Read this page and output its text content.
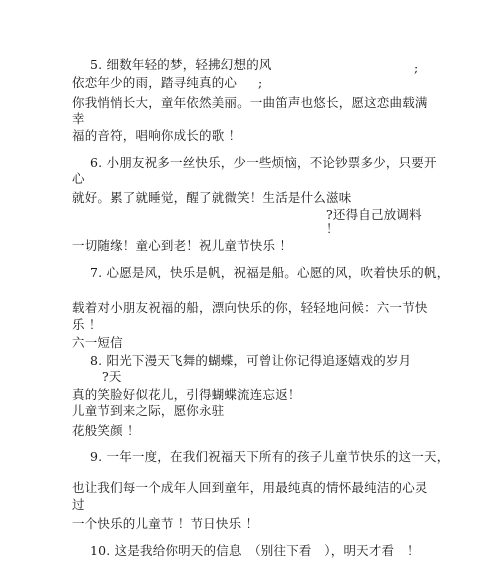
5. 细数年轻的梦，轻拂幻想的风	;
依恋年少的雨，踏寻纯真的心 ;
你我悄悄长大，童年依然美丽。一曲笛声也悠长，愿这恋曲载满
幸
福的音符，唱响你成长的歌 ！
6. 小朋友祝多一丝快乐，少一些烦恼，不论钞票多少，只要开
心
就好。累了就睡觉，醒了就微笑！生活是什么滋味
?还得自己放调料
！
一切随缘！童心到老！祝儿童节快乐 ！
7. 心愿是风，快乐是帆，祝福是船。心愿的风，吹着快乐的帆，
载着对小朋友祝福的船，漂向快乐的你，轻轻地问候：六一节快
乐 ！
六一短信
8. 阳光下漫天飞舞的蝴蝶，可曾让你记得追逐嬉戏的岁月
?天
真的笑脸好似花儿，引得蝴蝶流连忘返！
儿童节到来之际，愿你永驻
花般笑颜 ！
9. 一年一度，在我们祝福天下所有的孩子儿童节快乐的这一天，
也让我们每一个成年人回到童年，用最纯真的情怀最纯洁的心灵
过
一个快乐的儿童节 ！节日快乐 ！
10. 这是我给你明天的信息　（别往下看　），明天才看　！
